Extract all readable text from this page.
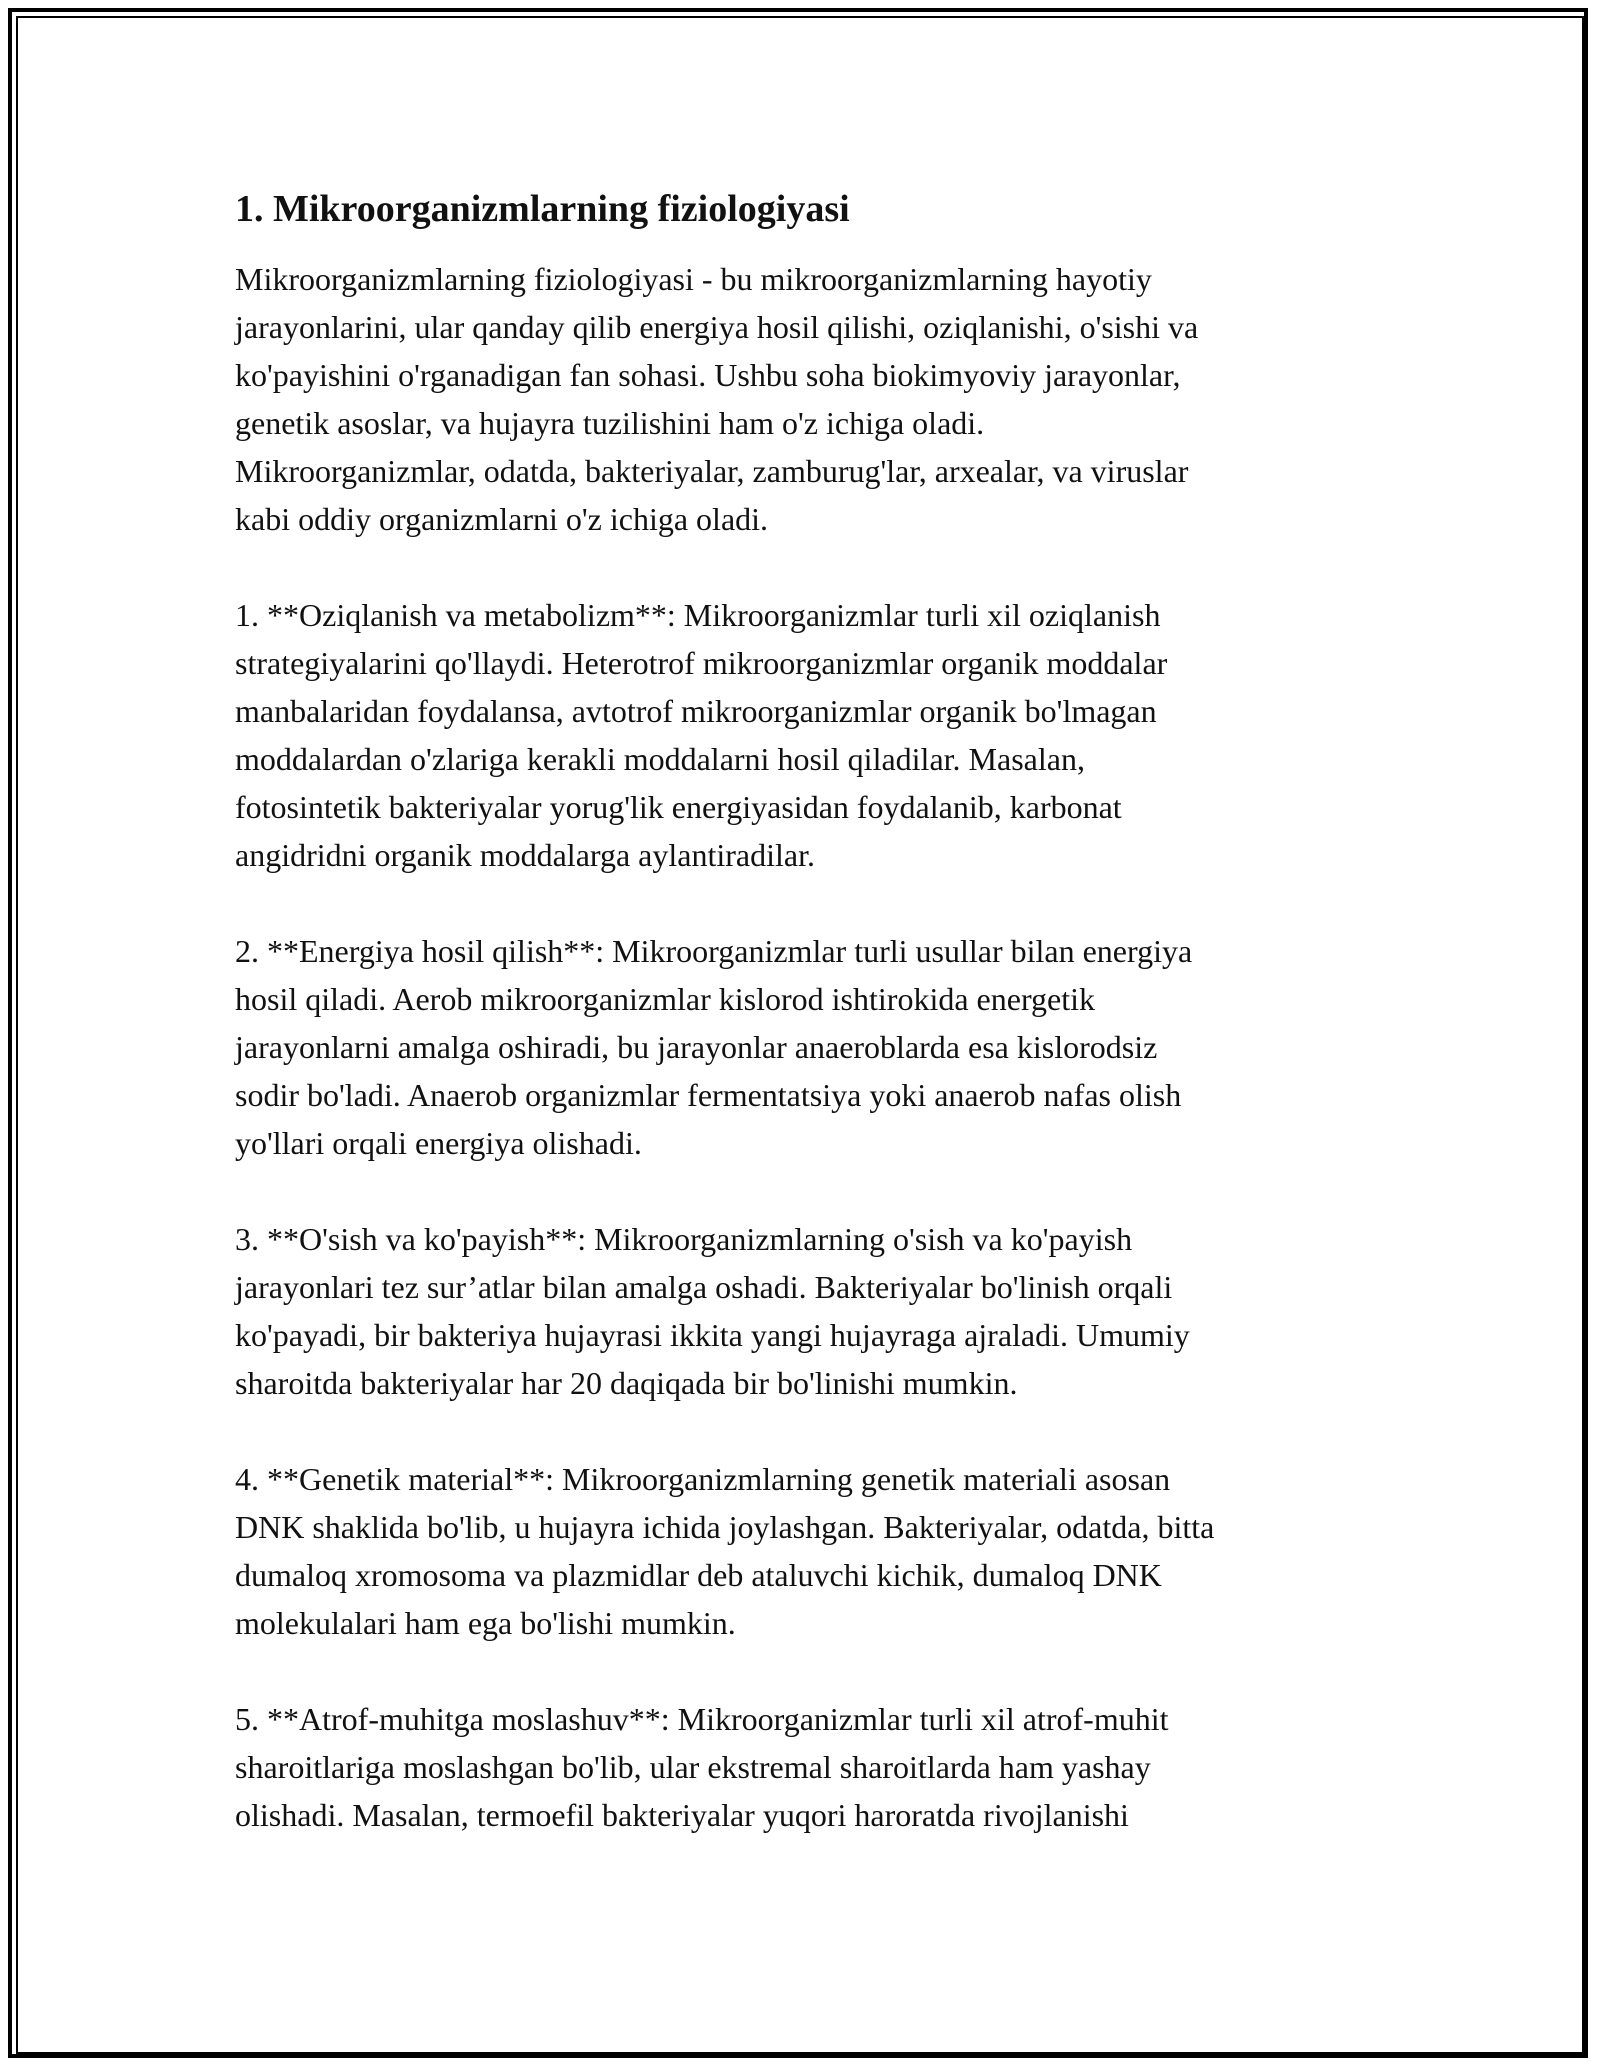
1. Mikroorganizmlarning fiziologiyasi

Mikroorganizmlarning fiziologiyasi - bu mikroorganizmlarning hayotiy
jarayonlarini, ular qanday qilib energiya hosil qilishi, oziqlanishi, o'sishi va
ko'payishini o'rganadigan fan sohasi. Ushbu soha biokimyoviy jarayonlar,
genetik asoslar, va hujayra tuzilishini ham o'z ichiga oladi.
Mikroorganizmlar, odatda, bakteriyalar, zamburug'lar, arxealar, va viruslar
kabi oddiy organizmlarni o'z ichiga oladi.

1. **Oziqlanish va metabolizm**: Mikroorganizmlar turli xil oziqlanish
strategiyalarini qo'llaydi. Heterotrof mikroorganizmlar organik moddalar
manbalaridan foydalansa, avtotrof mikroorganizmlar organik bo'lmagan
moddalardan o'zlariga kerakli moddalarni hosil qiladilar. Masalan,
fotosintetik bakteriyalar yorug'lik energiyasidan foydalanib, karbonat
angidridni organik moddalarga aylantiradilar.

2. **Energiya hosil qilish**: Mikroorganizmlar turli usullar bilan energiya
hosil qiladi. Aerob mikroorganizmlar kislorod ishtirokida energetik
jarayonlarni amalga oshiradi, bu jarayonlar anaeroblarda esa kislorodsiz
sodir bo'ladi. Anaerob organizmlar fermentatsiya yoki anaerob nafas olish
yo'llari orqali energiya olishadi.

3. **O'sish va ko'payish**: Mikroorganizmlarning o'sish va ko'payish
jarayonlari tez sur’atlar bilan amalga oshadi. Bakteriyalar bo'linish orqali
ko'payadi, bir bakteriya hujayrasi ikkita yangi hujayraga ajraladi. Umumiy
sharoitda bakteriyalar har 20 daqiqada bir bo'linishi mumkin.

4. **Genetik material**: Mikroorganizmlarning genetik materiali asosan
DNK shaklida bo'lib, u hujayra ichida joylashgan. Bakteriyalar, odatda, bitta
dumaloq xromosoma va plazmidlar deb ataluvchi kichik, dumaloq DNK
molekulalari ham ega bo'lishi mumkin.

5. **Atrof-muhitga moslashuv**: Mikroorganizmlar turli xil atrof-muhit
sharoitlariga moslashgan bo'lib, ular ekstremal sharoitlarda ham yashay
olishadi. Masalan, termoefil bakteriyalar yuqori haroratda rivojlanishi
